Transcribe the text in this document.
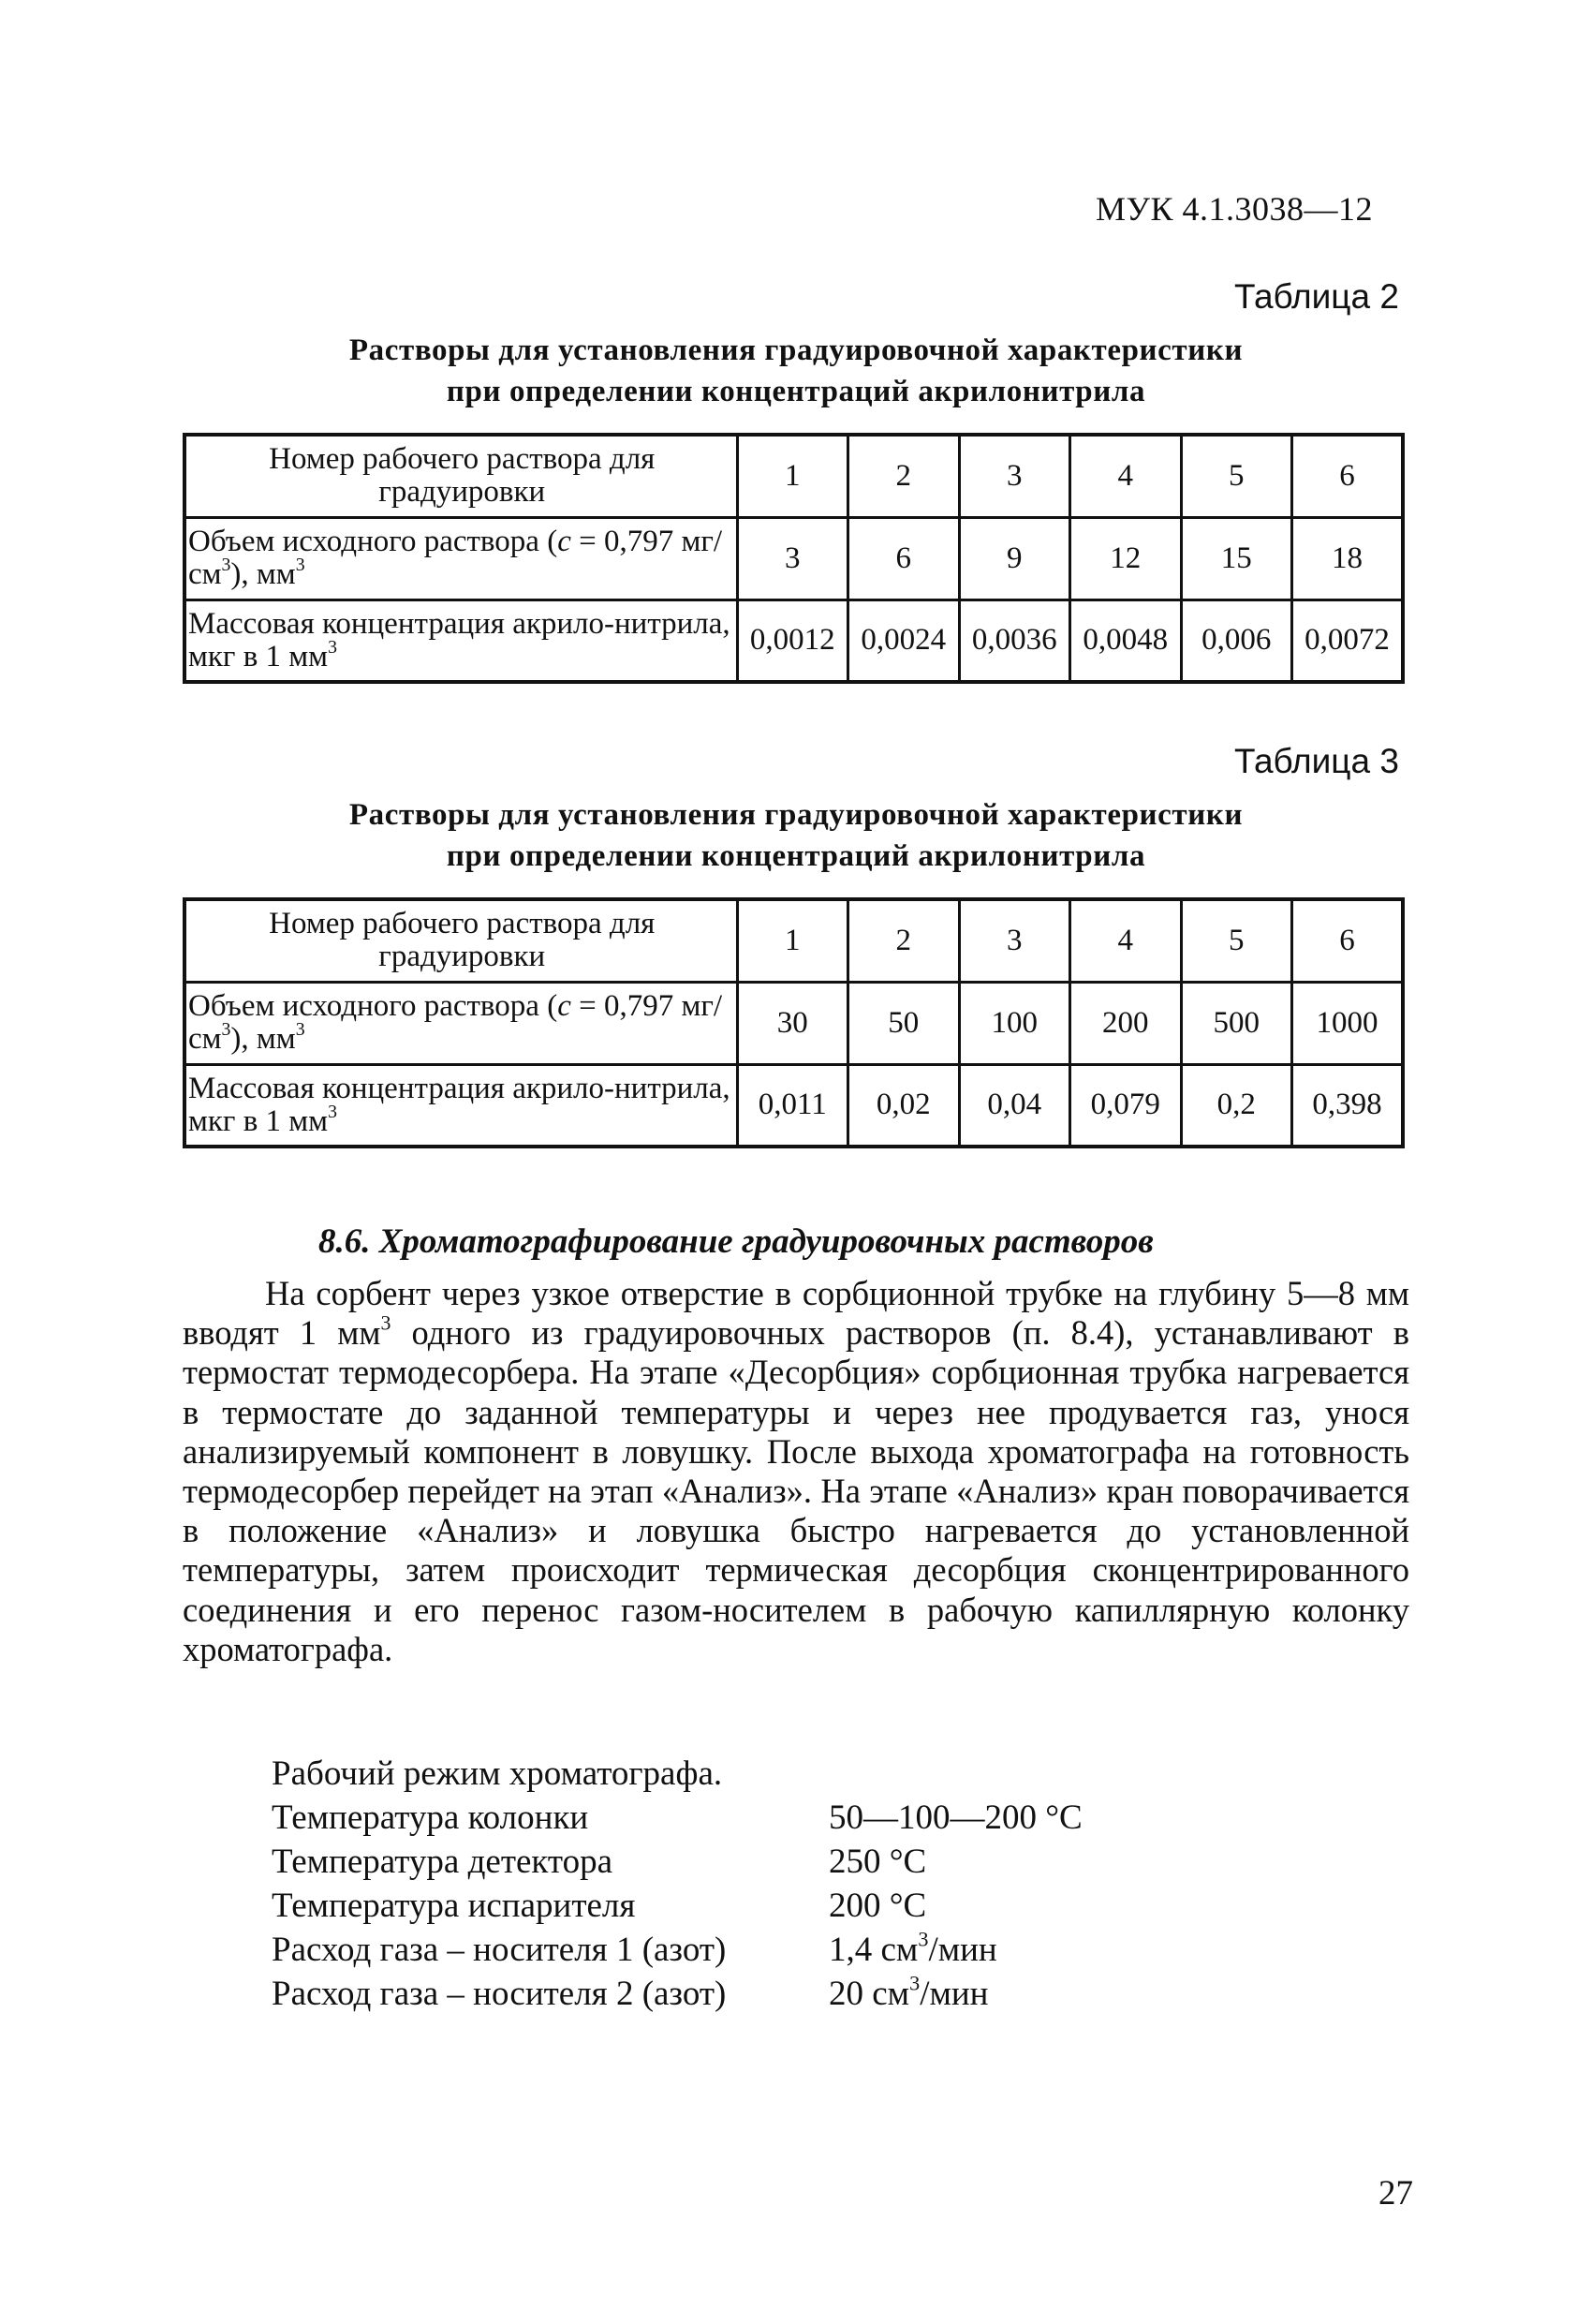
МУК 4.1.3038—12
Таблица 2
Растворы для установления градуировочной характеристики
при определении концентраций акрилонитрила
Номер рабочего раствора для градуировки	1	2	3	4	5	6
Объем исходного раствора (с = 0,797 $мг/см^3$), $мм^3$	3	6	9	12	15	18
Массовая концентрация акрило-нитрила, мкг в 1 $мм^3$	0,0012	0,0024	0,0036	0,0048	0,006	0,0072
Таблица 3
Растворы для установления градуировочной характеристики
при определении концентраций акрилонитрила
Номер рабочего раствора для градуировки	1	2	3	4	5	6
Объем исходного раствора (с = 0,797 $мг/см^3$), $мм^3$	30	50	100	200	500	1000
Массовая концентрация акрило-нитрила, мкг в 1 $мм^3$	0,011	0,02	0,04	0,079	0,2	0,398
8.6. Хроматографирование градуировочных растворов
На сорбент через узкое отверстие в сорбционной трубке на глубину 5—8 мм вводят 1 $мм^3$ одного из градуировочных растворов (п. 8.4), устанавливают в термостат термодесорбера. На этапе «Десорбция» сорбционная трубка нагревается в термостате до заданной температуры и через нее продувается газ, унося анализируемый компонент в ловушку. После выхода хроматографа на готовность термодесорбер перейдет на этап «Анализ». На этапе «Анализ» кран поворачивается в положение «Анализ» и ловушка быстро нагревается до установленной температуры, затем происходит термическая десорбция сконцентрированного соединения и его перенос газом-носителем в рабочую капиллярную колонку хроматографа.
Рабочий режим хроматографа.
Температура колонки	50—100—200 °С
Температура детектора	250 °С
Температура испарителя	200 °С
Расход газа – носителя 1 (азот)	1,4 $см^3$/мин
Расход газа – носителя 2 (азот)	20 $см^3$/мин
27
